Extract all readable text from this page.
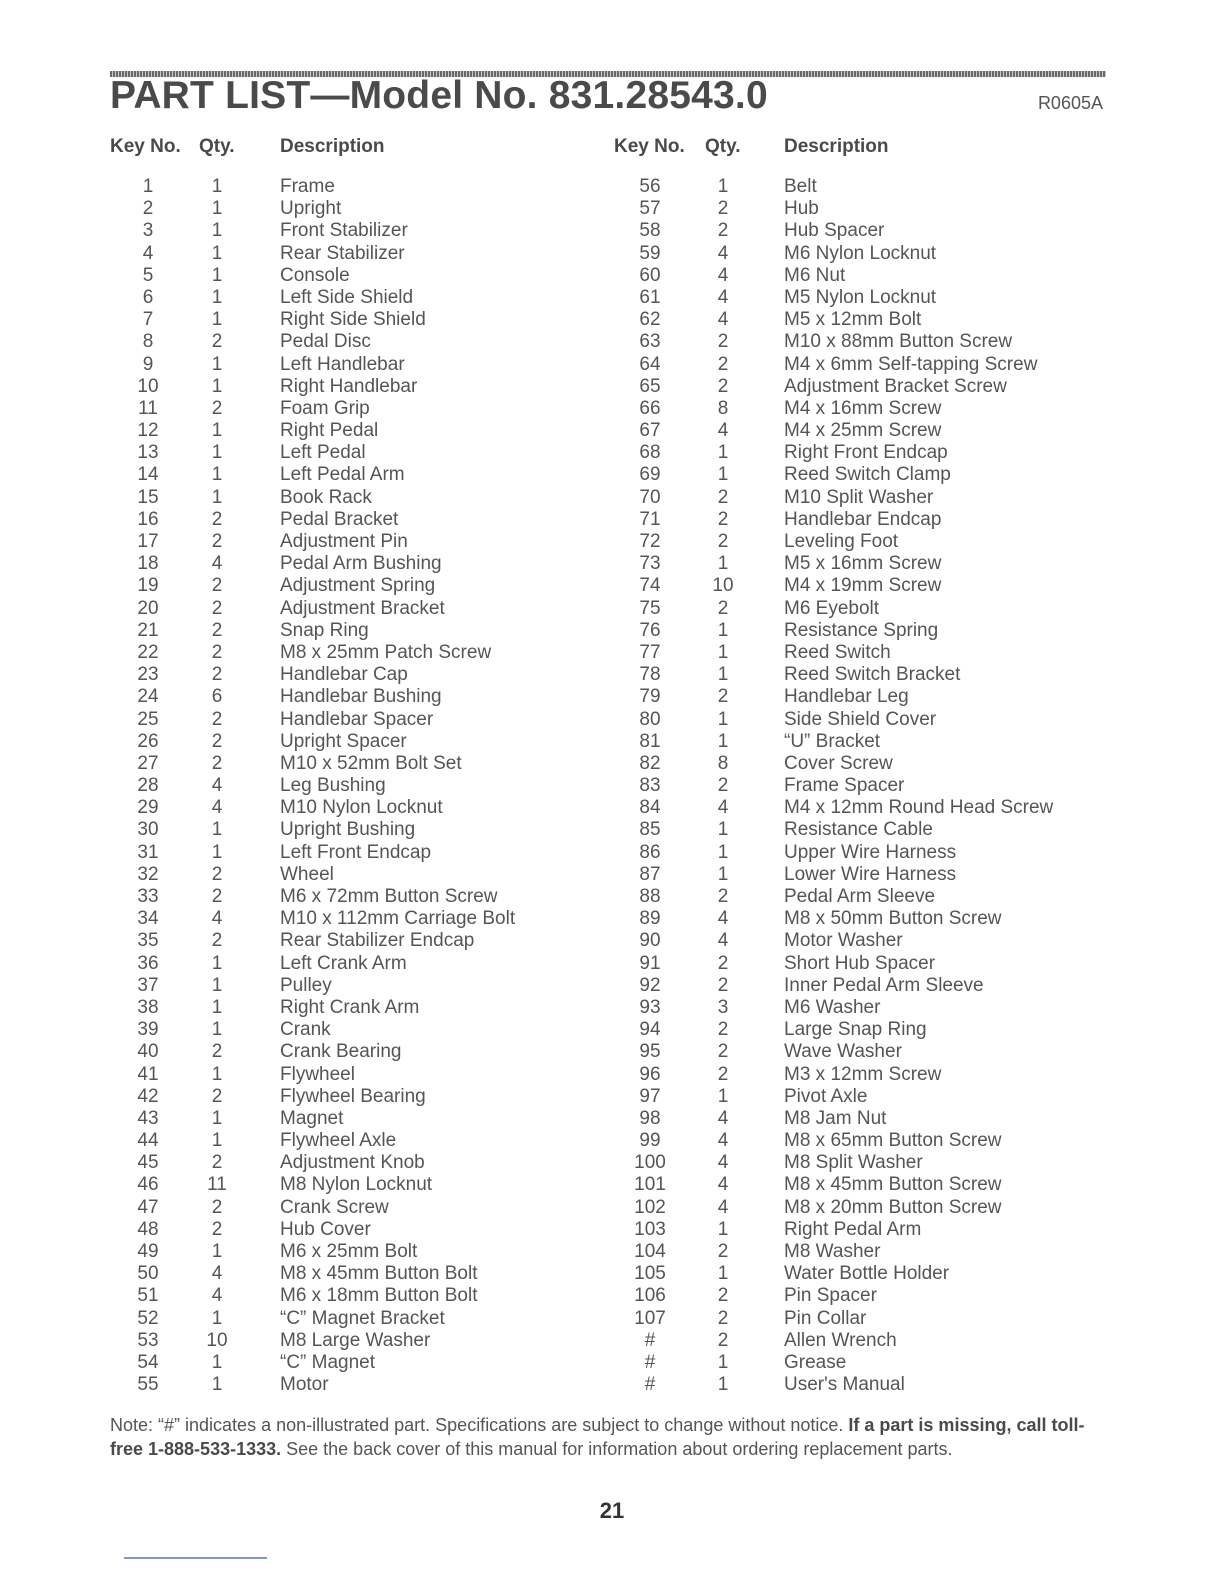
PART LIST—Model No. 831.28543.0	R0605A
Key No. Qty. Description
1	1	Frame
2	1	Upright
3	1	Front Stabilizer
4	1	Rear Stabilizer
5	1	Console
6	1	Left Side Shield
7	1	Right Side Shield
8	2	Pedal Disc
9	1	Left Handlebar
10	1	Right Handlebar
11	2	Foam Grip
12	1	Right Pedal
13	1	Left Pedal
14	1	Left Pedal Arm
15	1	Book Rack
16	2	Pedal Bracket
17	2	Adjustment Pin
18	4	Pedal Arm Bushing
19	2	Adjustment Spring
20	2	Adjustment Bracket
21	2	Snap Ring
22	2	M8 x 25mm Patch Screw
23	2	Handlebar Cap
24	6	Handlebar Bushing
25	2	Handlebar Spacer
26	2	Upright Spacer
27	2	M10 x 52mm Bolt Set
28	4	Leg Bushing
29	4	M10 Nylon Locknut
30	1	Upright Bushing
31	1	Left Front Endcap
32	2	Wheel
33	2	M6 x 72mm Button Screw
34	4	M10 x 112mm Carriage Bolt
35	2	Rear Stabilizer Endcap
36	1	Left Crank Arm
37	1	Pulley
38	1	Right Crank Arm
39	1	Crank
40	2	Crank Bearing
41	1	Flywheel
42	2	Flywheel Bearing
43	1	Magnet
44	1	Flywheel Axle
45	2	Adjustment Knob
46	11	M8 Nylon Locknut
47	2	Crank Screw
48	2	Hub Cover
49	1	M6 x 25mm Bolt
50	4	M8 x 45mm Button Bolt
51	4	M6 x 18mm Button Bolt
52	1	“C” Magnet Bracket
53	10	M8 Large Washer
54	1	“C” Magnet
55	1	Motor
Key No. Qty. Description
56	1	Belt
57	2	Hub
58	2	Hub Spacer
59	4	M6 Nylon Locknut
60	4	M6 Nut
61	4	M5 Nylon Locknut
62	4	M5 x 12mm Bolt
63	2	M10 x 88mm Button Screw
64	2	M4 x 6mm Self-tapping Screw
65	2	Adjustment Bracket Screw
66	8	M4 x 16mm Screw
67	4	M4 x 25mm Screw
68	1	Right Front Endcap
69	1	Reed Switch Clamp
70	2	M10 Split Washer
71	2	Handlebar Endcap
72	2	Leveling Foot
73	1	M5 x 16mm Screw
74	10	M4 x 19mm Screw
75	2	M6 Eyebolt
76	1	Resistance Spring
77	1	Reed Switch
78	1	Reed Switch Bracket
79	2	Handlebar Leg
80	1	Side Shield Cover
81	1	“U” Bracket
82	8	Cover Screw
83	2	Frame Spacer
84	4	M4 x 12mm Round Head Screw
85	1	Resistance Cable
86	1	Upper Wire Harness
87	1	Lower Wire Harness
88	2	Pedal Arm Sleeve
89	4	M8 x 50mm Button Screw
90	4	Motor Washer
91	2	Short Hub Spacer
92	2	Inner Pedal Arm Sleeve
93	3	M6 Washer
94	2	Large Snap Ring
95	2	Wave Washer
96	2	M3 x 12mm Screw
97	1	Pivot Axle
98	4	M8 Jam Nut
99	4	M8 x 65mm Button Screw
100	4	M8 Split Washer
101	4	M8 x 45mm Button Screw
102	4	M8 x 20mm Button Screw
103	1	Right Pedal Arm
104	2	M8 Washer
105	1	Water Bottle Holder
106	2	Pin Spacer
107	2	Pin Collar
#	2	Allen Wrench
#	1	Grease
#	1	User's Manual
Note: “#” indicates a non-illustrated part. Specifications are subject to change without notice. If a part is missing, call toll-free 1-888-533-1333. See the back cover of this manual for information about ordering replacement parts.
21
